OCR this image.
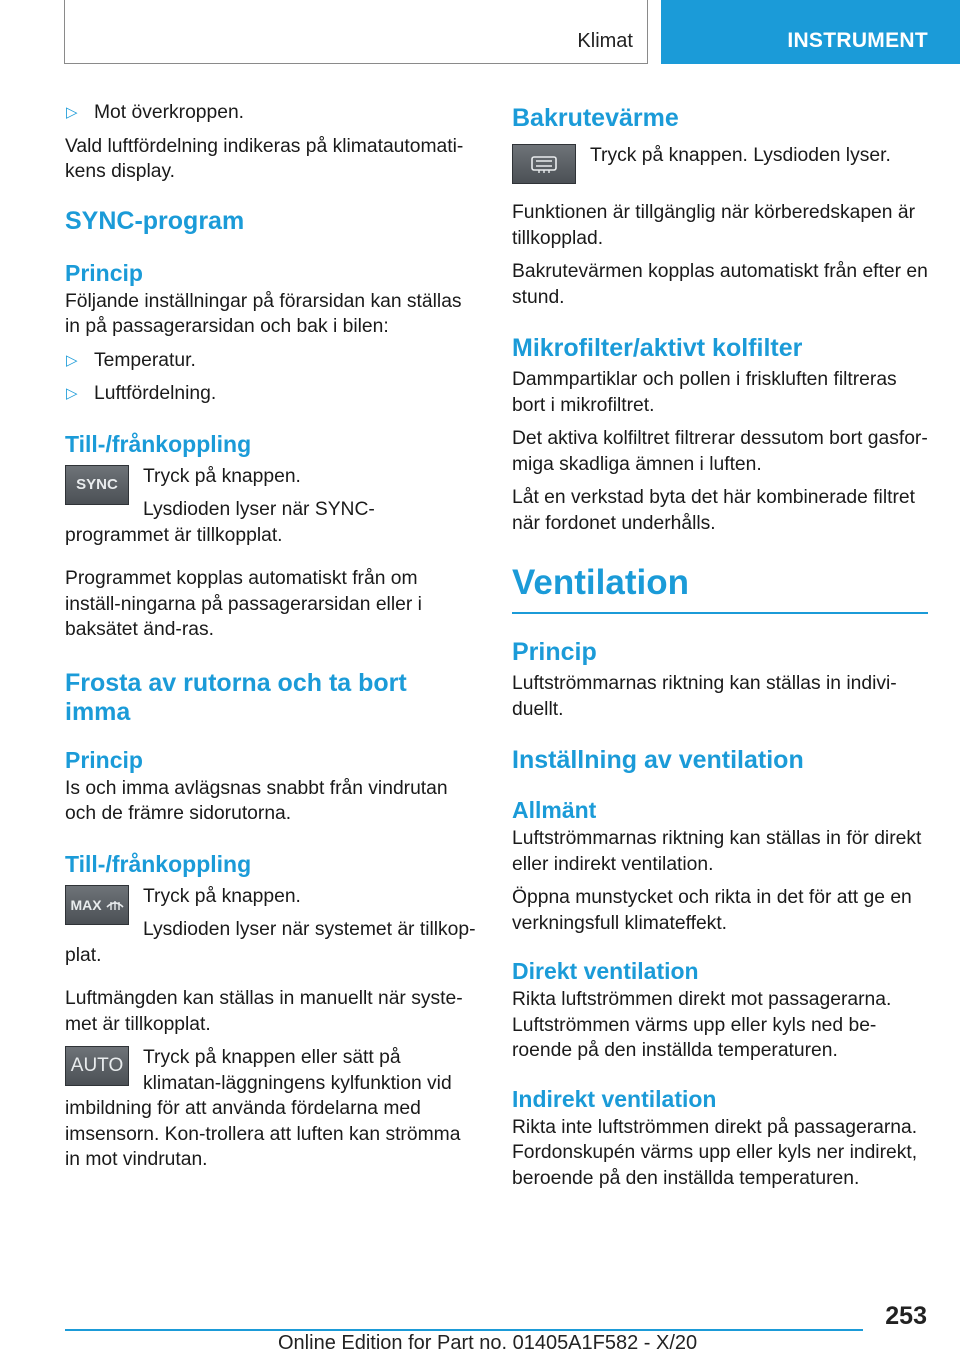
Klimat	INSTRUMENT
▷ Mot överkroppen.

Vald luftfördelning indikeras på klimatautomati-kens display.

SYNC-program
Princip

Följande inställningar på förarsidan kan ställas in på passagerarsidan och bak i bilen:

▷ Temperatur.
▷ Luftfördelning.
Till-/frånkoppling
SYNC	Tryck på knappen.

Lysdioden lyser när SYNC-programmet är tillkopplat.

Programmet kopplas automatiskt från om inställ-ningarna på passagerarsidan eller i baksätet änd-ras.

Frosta av rutorna och ta bort imma
Princip

Is och imma avlägsnas snabbt från vindrutan och de främre sidorutorna.

Till-/frånkoppling
MAX	Tryck på knappen.

Lysdioden lyser när systemet är tillkop-plat.

Luftmängden kan ställas in manuellt när syste-met är tillkopplat.

AUTO	Tryck på knappen eller sätt på klimatan-läggningens kylfunktion vid imbildning för att använda fördelarna med imsensorn. Kon-trollera att luften kan strömma in mot vindrutan.

Bakrutevärme

Tryck på knappen. Lysdioden lyser.

Funktionen är tillgänglig när körberedskapen är tillkopplad.

Bakrutevärmen kopplas automatiskt från efter en stund.

Mikrofilter/aktivt kolfilter

Dammpartiklar och pollen i friskluften filtreras bort i mikrofiltret.

Det aktiva kolfiltret filtrerar dessutom bort gasfor-miga skadliga ämnen i luften.

Låt en verkstad byta det här kombinerade filtret när fordonet underhålls.

Ventilation
Princip

Luftströmmarnas riktning kan ställas in indivi-duellt.

Inställning av ventilation
Allmänt

Luftströmmarnas riktning kan ställas in för direkt eller indirekt ventilation.

Öppna munstycket och rikta in det för att ge en verkningsfull klimateffekt.

Direkt ventilation

Rikta luftströmmen direkt mot passagerarna. Luftströmmen värms upp eller kyls ned be-roende på den inställda temperaturen.

Indirekt ventilation

Rikta inte luftströmmen direkt på passagerarna. Fordonskupén värms upp eller kyls ner indirekt, beroende på den inställda temperaturen.

253
Online Edition for Part no. 01405A1F582 - X/20
